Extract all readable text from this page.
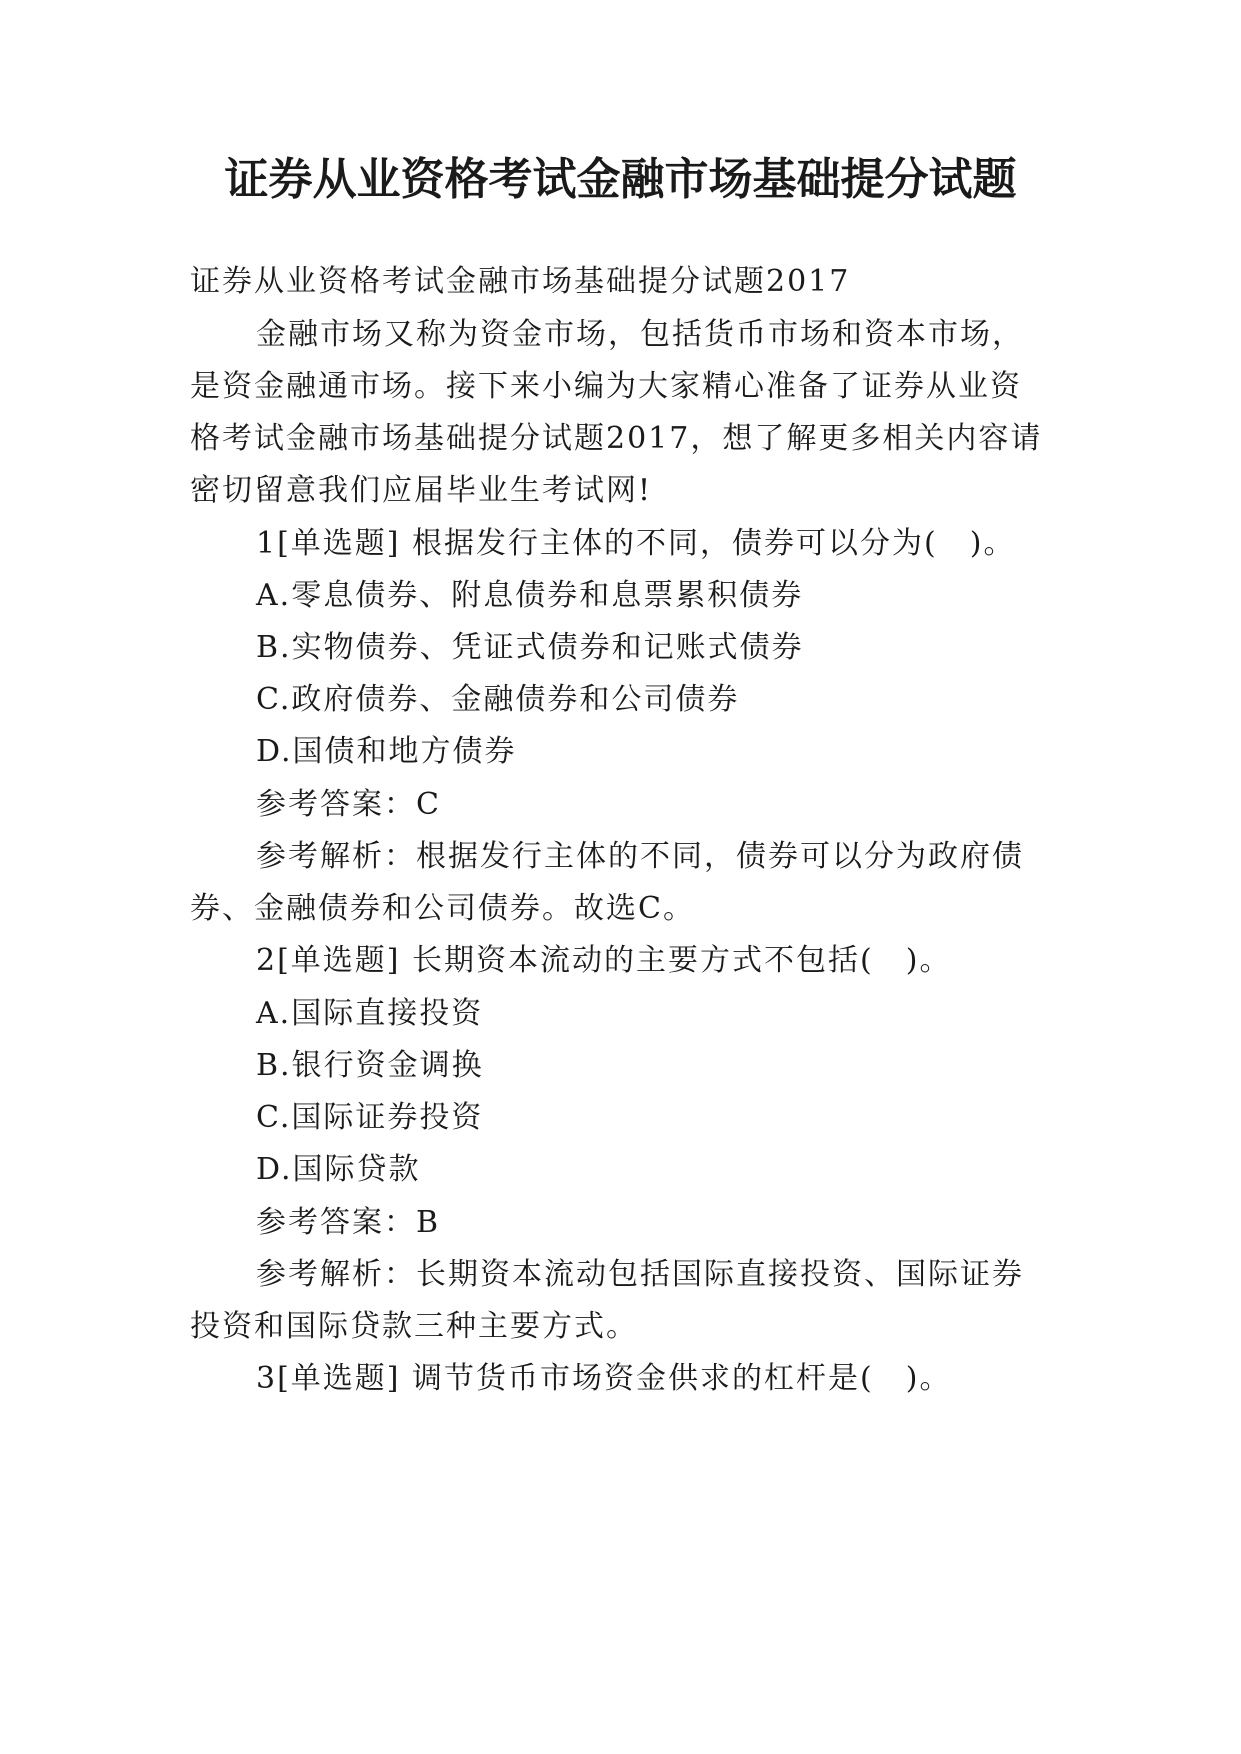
证券从业资格考试金融市场基础提分试题
证券从业资格考试金融市场基础提分试题2017
金融市场又称为资金市场，包括货币市场和资本市场，
是资金融通市场。接下来小编为大家精心准备了证券从业资
格考试金融市场基础提分试题2017，想了解更多相关内容请
密切留意我们应届毕业生考试网!
1[单选题] 根据发行主体的不同，债券可以分为(　)。
A.零息债券、附息债券和息票累积债券
B.实物债券、凭证式债券和记账式债券
C.政府债券、金融债券和公司债券
D.国债和地方债券
参考答案：C
参考解析：根据发行主体的不同，债券可以分为政府债
券、金融债券和公司债券。故选C。
2[单选题] 长期资本流动的主要方式不包括(　)。
A.国际直接投资
B.银行资金调换
C.国际证券投资
D.国际贷款
参考答案：B
参考解析：长期资本流动包括国际直接投资、国际证券
投资和国际贷款三种主要方式。
3[单选题] 调节货币市场资金供求的杠杆是(　)。
